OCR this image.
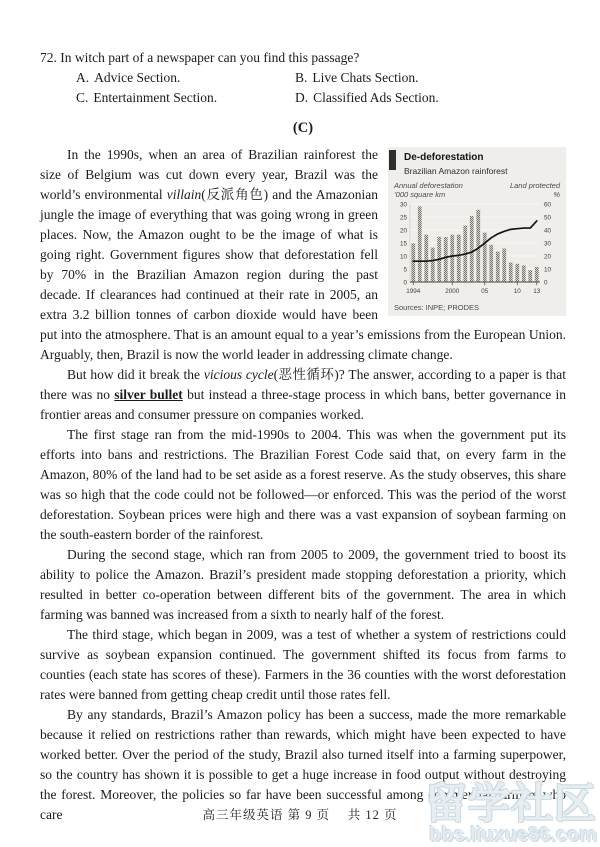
72. In witch part of a newspaper can you find this passage?
A. Advice Section.	B. Live Chats Section.
C. Entertainment Section.	D. Classified Ads Section.
(C)
De-deforestation
Brazilian Amazon rainforest
Annual deforestation
’000 square km
Land protected
%
0
5
10
15
20
25
30
0
10
20
30
40
50
60
1994	2000	05	10 13
Sources: INPE; PRODES

In the 1990s, when an area of Brazilian rainforest the size of Belgium was cut down every year, Brazil was the world’s environmental villain(反派角色) and the Amazonian jungle the image of everything that was going wrong in green places. Now, the Amazon ought to be the image of what is going right. Government figures show that deforestation fell by 70% in the Brazilian Amazon region during the past decade. If clearances had continued at their rate in 2005, an extra 3.2 billion tonnes of carbon dioxide would have been put into the atmosphere. That is an amount equal to a year’s emissions from the European Union. Arguably, then, Brazil is now the world leader in addressing climate change.

But how did it break the vicious cycle(恶性循环)? The answer, according to a paper is that there was no silver bullet but instead a three-stage process in which bans, better governance in frontier areas and consumer pressure on companies worked.

The first stage ran from the mid-1990s to 2004. This was when the government put its efforts into bans and restrictions. The Brazilian Forest Code said that, on every farm in the Amazon, 80% of the land had to be set aside as a forest reserve. As the study observes, this share was so high that the code could not be followed—or enforced. This was the period of the worst deforestation. Soybean prices were high and there was a vast expansion of soybean farming on the south-eastern border of the rainforest.

During the second stage, which ran from 2005 to 2009, the government tried to boost its ability to police the Amazon. Brazil’s president made stopping deforestation a priority, which resulted in better co-operation between different bits of the government. The area in which farming was banned was increased from a sixth to nearly half of the forest.

The third stage, which began in 2009, was a test of whether a system of restrictions could survive as soybean expansion continued. The government shifted its focus from farms to counties (each state has scores of these). Farmers in the 36 counties with the worst deforestation rates were banned from getting cheap credit until those rates fell.

By any standards, Brazil’s Amazon policy has been a success, made the more remarkable because it relied on restrictions rather than rewards, which might have been expected to have worked better. Over the period of the study, Brazil also turned itself into a farming superpower, so the country has shown it is possible to get a huge increase in food output without destroying the forest. Moreover, the policies so far have been successful among commercial farmers who care	高三年级英语 第 9 页　 共 12 页 留学社区
bbs.liuxue86.com
